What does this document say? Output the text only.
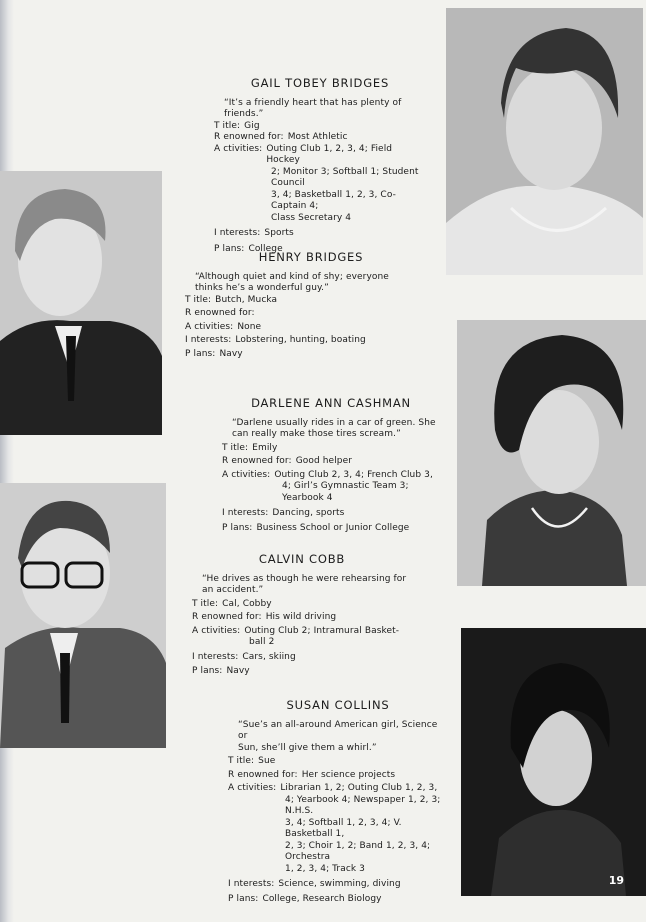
GAIL TOBEY BRIDGES
“It’s a friendly heart that has plenty of friends.”
T itle: Gig
R enowned for: Most Athletic
A ctivities: Outing Club 1, 2, 3, 4; Field Hockey
2; Monitor 3; Softball 1; Student Council
3, 4; Basketball 1, 2, 3, Co-Captain 4;
Class Secretary 4
I nterests: Sports
P lans: College
HENRY BRIDGES
“Although quiet and kind of shy; everyone
thinks he’s a wonderful guy.”
T itle: Butch, Mucka
R enowned for:
A ctivities: None
I nterests: Lobstering, hunting, boating
P lans: Navy
DARLENE ANN CASHMAN
“Darlene usually rides in a car of green. She
can really make those tires scream.”
T itle: Emily
R enowned for: Good helper
A ctivities: Outing Club 2, 3, 4; French Club 3,
4; Girl’s Gymnastic Team 3; Yearbook 4
I nterests: Dancing, sports
P lans: Business School or Junior College
CALVIN COBB
“He drives as though he were rehearsing for
an accident.”
T itle: Cal, Cobby
R enowned for: His wild driving
A ctivities: Outing Club 2; Intramural Basket-
ball 2
I nterests: Cars, skiing
P lans: Navy
SUSAN COLLINS
“Sue’s an all-around American girl, Science or
Sun, she’ll give them a whirl.”
T itle: Sue
R enowned for: Her science projects
A ctivities: Librarian 1, 2; Outing Club 1, 2, 3,
4; Yearbook 4; Newspaper 1, 2, 3; N.H.S.
3, 4; Softball 1, 2, 3, 4; V. Basketball 1,
2, 3; Choir 1, 2; Band 1, 2, 3, 4; Orchestra
1, 2, 3, 4; Track 3
I nterests: Science, swimming, diving
P lans: College, Research Biology
19
